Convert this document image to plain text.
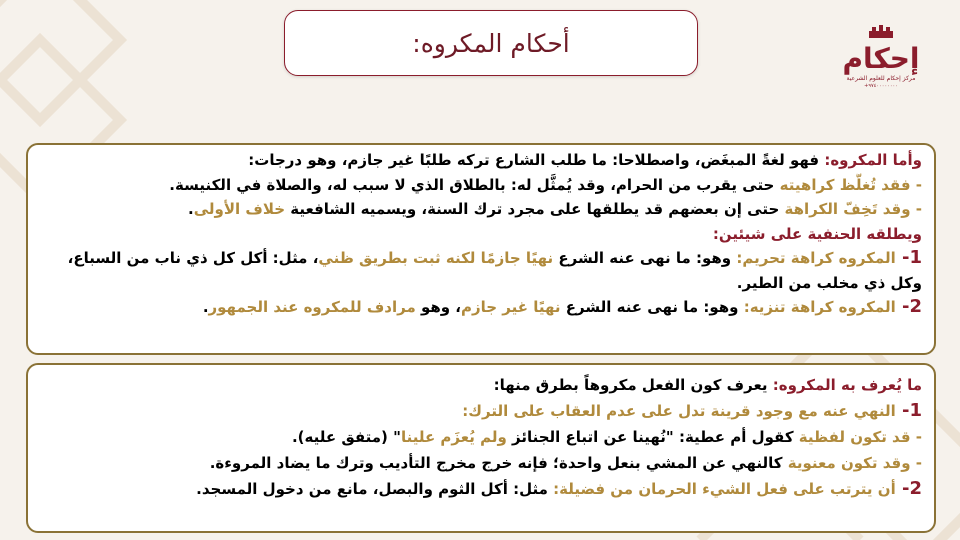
أحكام المكروه:	إحكام
مركز إحكام للعلوم الشرعية
+٩٧٤٠٠٠٠٠٠٠٠
وأما المكروه: فهو لغةً المبغَض، واصطلاحا: ما طلب الشارع تركه طلبًا غير جازم، وهو درجات:
- فقد تُغلَّظ كراهيته حتى يقرب من الحرام، وقد يُمثَّل له: بالطلاق الذي لا سبب له، والصلاة في الكنيسة.
- وقد تَخِفّ الكراهة حتى إن بعضهم قد يطلقها على مجرد ترك السنة، ويسميه الشافعية خلاف الأولى.
ويطلقه الحنفية على شيئين:
1- المكروه كراهة تحريم: وهو: ما نهى عنه الشرع نهيًا جازمًا لكنه ثبت بطريق ظني، مثل: أكل كل ذي ناب من السباع، وكل ذي مخلب من الطير.
2- المكروه كراهة تنزيه: وهو: ما نهى عنه الشرع نهيًا غير جازم، وهو مرادف للمكروه عند الجمهور.
ما يُعرف به المكروه: يعرف كون الفعل مكروهاً بطرق منها:
1- النهي عنه مع وجود قرينة تدل على عدم العقاب على الترك:
- قد تكون لفظية كقول أم عطية: "نُهينا عن اتباع الجنائز ولم يُعزَم علينا" (متفق عليه).
- وقد تكون معنوية كالنهي عن المشي بنعل واحدة؛ فإنه خرج مخرج التأديب وترك ما يضاد المروءة.
2- أن يترتب على فعل الشيء الحرمان من فضيلة: مثل: أكل الثوم والبصل، مانع من دخول المسجد.
